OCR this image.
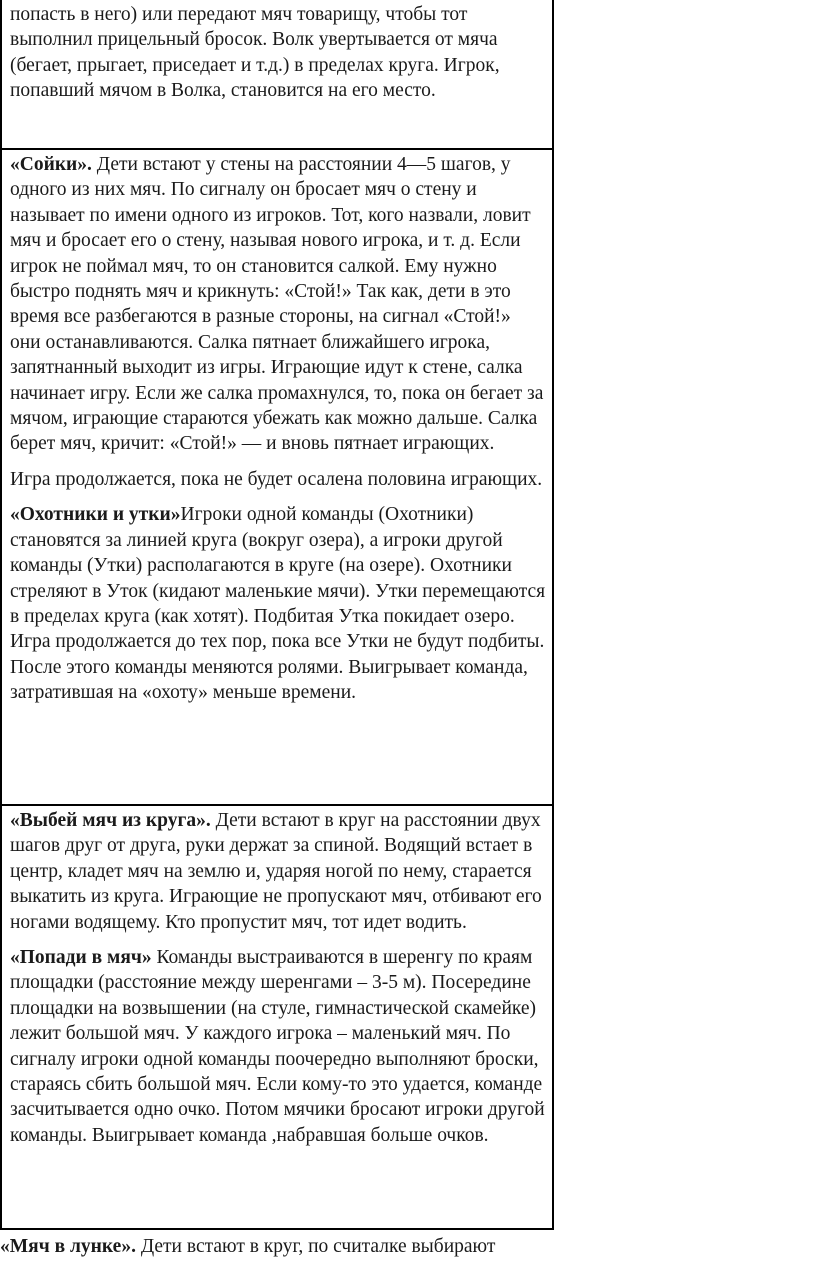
попасть в него) или передают мяч товарищу, чтобы тот выполнил прицельный бросок. Волк увертывается от мяча (бегает, прыгает, приседает и т.д.) в пределах круга. Игрок, попавший мячом в Волка, становится на его место.

«Сойки». Дети встают у стены на расстоянии 4—5 шагов, у одного из них мяч. По сигналу он бросает мяч о стену и называет по имени одного из игроков. Тот, кого назвали, ловит мяч и бросает его о стену, называя нового игрока, и т. д. Если игрок не поймал мяч, то он становится салкой. Ему нужно быстро поднять мяч и крикнуть: «Стой!» Так как, дети в это время все разбегаются в разные стороны, на сигнал «Стой!» они останавливаются. Салка пятнает ближайшего игрока, запятнанный выходит из игры. Играющие идут к стене, салка начинает игру. Если же салка промахнулся, то, пока он бегает за мячом, играющие стараются убежать как можно дальше. Салка берет мяч, кричит: «Стой!» — и вновь пятнает играющих.

Игра продолжается, пока не будет осалена половина играющих.

«Охотники и утки»Игроки одной команды (Охотники) становятся за линией круга (вокруг озера), а игроки другой команды (Утки) располагаются в круге (на озере). Охотники стреляют в Уток (кидают маленькие мячи). Утки перемещаются в пределах круга (как хотят). Подбитая Утка покидает озеро. Игра продолжается до тех пор, пока все Утки не будут подбиты. После этого команды меняются ролями. Выигрывает команда, затратившая на «охоту» меньше времени.

«Выбей мяч из круга». Дети встают в круг на расстоянии двух шагов друг от друга, руки держат за спиной. Водящий встает в центр, кладет мяч на землю и, ударяя ногой по нему, старается выкатить из круга. Играющие не пропускают мяч, отбивают его ногами водящему. Кто пропустит мяч, тот идет водить.

«Попади в мяч» Команды выстраиваются в шеренгу по краям площадки (расстояние между шеренгами – 3-5 м). Посередине площадки на возвышении (на стуле, гимнастической скамейке) лежит большой мяч. У каждого игрока – маленький мяч. По сигналу игроки одной команды поочередно выполняют броски, стараясь сбить большой мяч. Если кому-то это удается, команде засчитывается одно очко. Потом мячики бросают игроки другой команды. Выигрывает команда ,набравшая больше очков.

«Мяч в лунке». Дети встают в круг, по считалке выбирают
